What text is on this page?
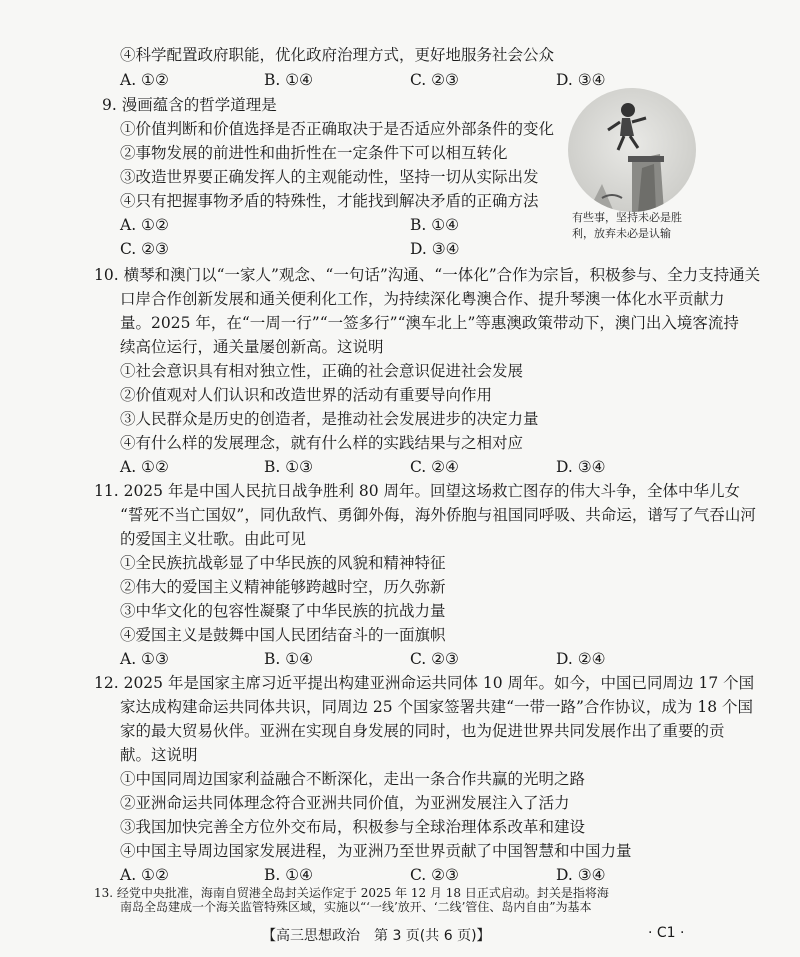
④科学配置政府职能，优化政府治理方式，更好地服务社会公众
A. ①②	B. ①④	C. ②③	D. ③④
9. 漫画蕴含的哲学道理是
①价值判断和价值选择是否正确取决于是否适应外部条件的变化
②事物发展的前进性和曲折性在一定条件下可以相互转化
③改造世界要正确发挥人的主观能动性，坚持一切从实际出发
④只有把握事物矛盾的特殊性，才能找到解决矛盾的正确方法
A. ①②	B. ①④
C. ②③	D. ③④
有些事，坚持未必是胜利，放弃未必是认输
10. 横琴和澳门以“一家人”观念、“一句话”沟通、“一体化”合作为宗旨，积极参与、全力支持通关
口岸合作创新发展和通关便利化工作，为持续深化粤澳合作、提升琴澳一体化水平贡献力
量。2025 年，在“一周一行”“一签多行”“澳车北上”等惠澳政策带动下，澳门出入境客流持
续高位运行，通关量屡创新高。这说明
①社会意识具有相对独立性，正确的社会意识促进社会发展
②价值观对人们认识和改造世界的活动有重要导向作用
③人民群众是历史的创造者，是推动社会发展进步的决定力量
④有什么样的发展理念，就有什么样的实践结果与之相对应
A. ①②	B. ①③	C. ②④	D. ③④
11. 2025 年是中国人民抗日战争胜利 80 周年。回望这场救亡图存的伟大斗争，全体中华儿女
“誓死不当亡国奴”，同仇敌忾、勇御外侮，海外侨胞与祖国同呼吸、共命运，谱写了气吞山河
的爱国主义壮歌。由此可见
①全民族抗战彰显了中华民族的风貌和精神特征
②伟大的爱国主义精神能够跨越时空，历久弥新
③中华文化的包容性凝聚了中华民族的抗战力量
④爱国主义是鼓舞中国人民团结奋斗的一面旗帜
A. ①③	B. ①④	C. ②③	D. ②④
12. 2025 年是国家主席习近平提出构建亚洲命运共同体 10 周年。如今，中国已同周边 17 个国
家达成构建命运共同体共识，同周边 25 个国家签署共建“一带一路”合作协议，成为 18 个国
家的最大贸易伙伴。亚洲在实现自身发展的同时，也为促进世界共同发展作出了重要的贡
献。这说明
①中国同周边国家利益融合不断深化，走出一条合作共赢的光明之路
②亚洲命运共同体理念符合亚洲共同价值，为亚洲发展注入了活力
③我国加快完善全方位外交布局，积极参与全球治理体系改革和建设
④中国主导周边国家发展进程，为亚洲乃至世界贡献了中国智慧和中国力量
A. ①②	B. ①④	C. ②③	D. ③④
13. 经党中央批准，海南自贸港全岛封关运作定于 2025 年 12 月 18 日正式启动。封关是指将海
南岛全岛建成一个海关监管特殊区域，实施以“‘一线’放开、‘二线’管住、岛内自由”为基本
【高三思想政治　第 3 页(共 6 页)】	· C1 ·
